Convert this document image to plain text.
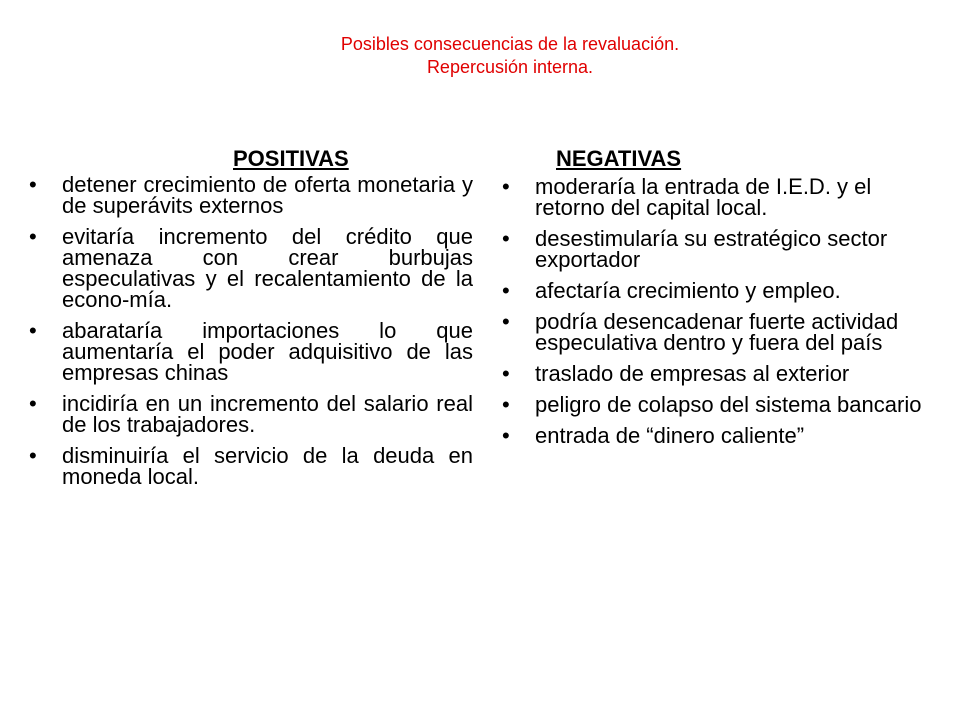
Posibles consecuencias de la revaluación.
Repercusión interna.
POSITIVAS	NEGATIVAS
• detener crecimiento de oferta monetaria y de superávits externos
• evitaría incremento del crédito que amenaza con crear burbujas especulativas y el recalentamiento de la econo-mía.
• abarataría importaciones lo que aumentaría el poder adquisitivo de las empresas chinas
• incidiría en un incremento del salario real de los trabajadores.
• disminuiría el servicio de la deuda en moneda local.
• moderaría la entrada de I.E.D. y el retorno del capital local.
• desestimularía su estratégico sector exportador
• afectaría crecimiento y empleo.
• podría desencadenar fuerte actividad especulativa dentro y fuera del país
• traslado de empresas al exterior
• peligro de colapso del sistema bancario
• entrada de “dinero caliente”
